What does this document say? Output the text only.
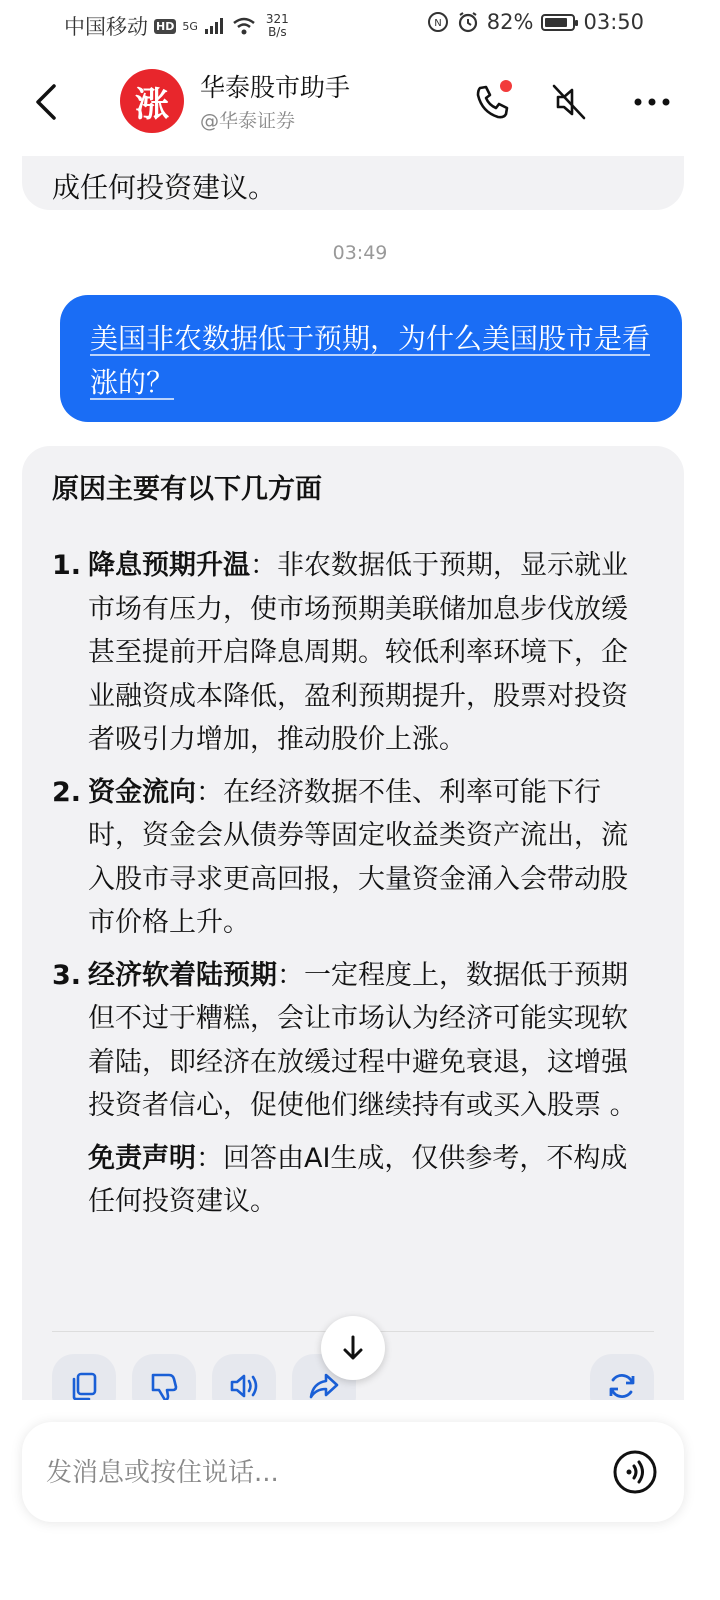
中国移动 HD 5G	321
B/s
N 82% 03:50
涨 华泰股市助手
@华泰证券
成任何投资建议。
03:49
美国非农数据低于预期，为什么美国股市是看涨的？
原因主要有以下几方面
1. 降息预期升温：非农数据低于预期，显示就业市场有压力，使市场预期美联储加息步伐放缓甚至提前开启降息周期。较低利率环境下，企业融资成本降低，盈利预期提升，股票对投资者吸引力增加，推动股价上涨。
2. 资金流向：在经济数据不佳、利率可能下行时，资金会从债券等固定收益类资产流出，流入股市寻求更高回报，大量资金涌入会带动股市价格上升。
3. 经济软着陆预期：一定程度上，数据低于预期但不过于糟糕，会让市场认为经济可能实现软着陆，即经济在放缓过程中避免衰退，这增强投资者信心，促使他们继续持有或买入股票 。
免责声明：回答由AI生成，仅供参考，不构成任何投资建议。
发消息或按住说话...
